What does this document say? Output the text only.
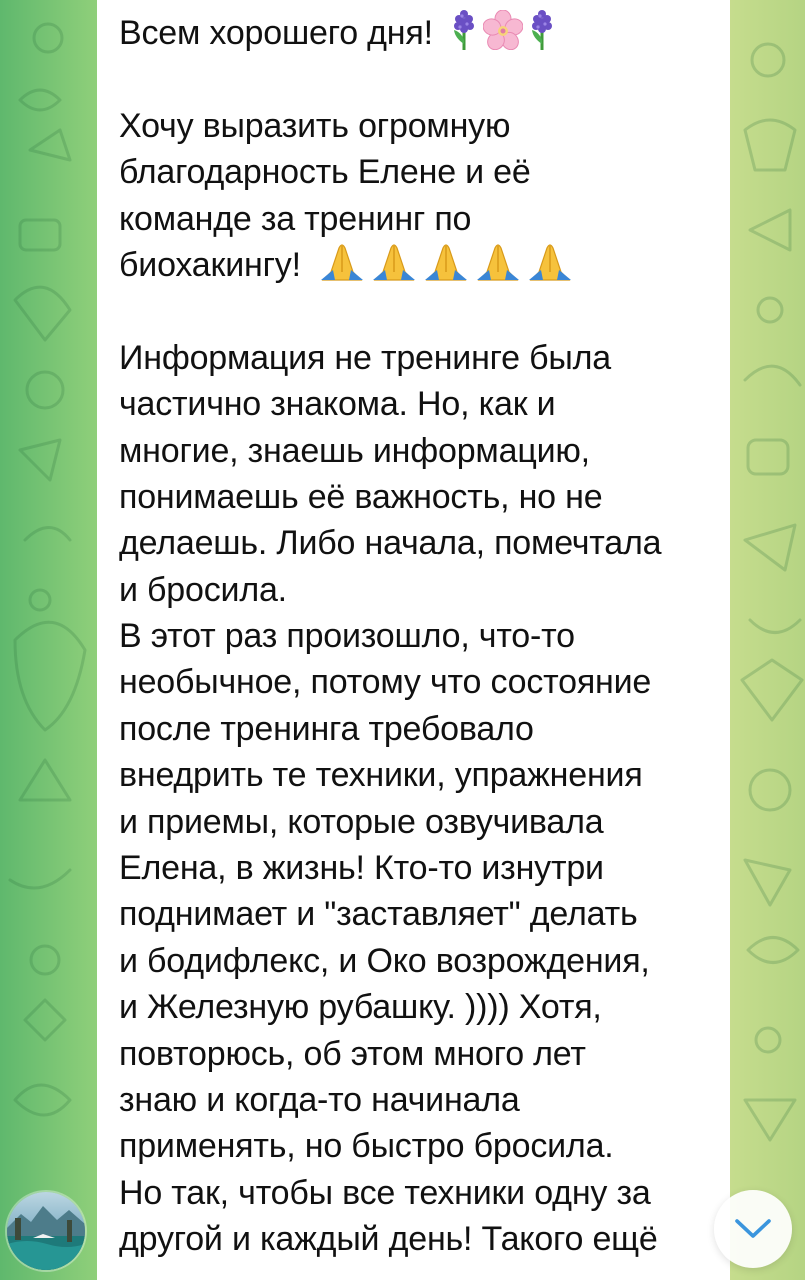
Всем хорошего дня!
Хочу выразить огромную
благодарность Елене и её
команде за тренинг по
биохакингу!
Информация не тренинге была
частично знакома. Но, как и
многие, знаешь информацию,
понимаешь её важность, но не
делаешь. Либо начала, помечтала
и бросила.
В этот раз произошло, что-то
необычное, потому что состояние
после тренинга требовало
внедрить те техники, упражнения
и приемы, которые озвучивала
Елена, в жизнь! Кто-то изнутри
поднимает и "заставляет" делать
и бодифлекс, и Око возрождения,
и Железную рубашку. )))) Хотя,
повторюсь, об этом много лет
знаю и когда-то начинала
применять, но быстро бросила.
Но так, чтобы все техники одну за
другой и каждый день! Такого ещё
